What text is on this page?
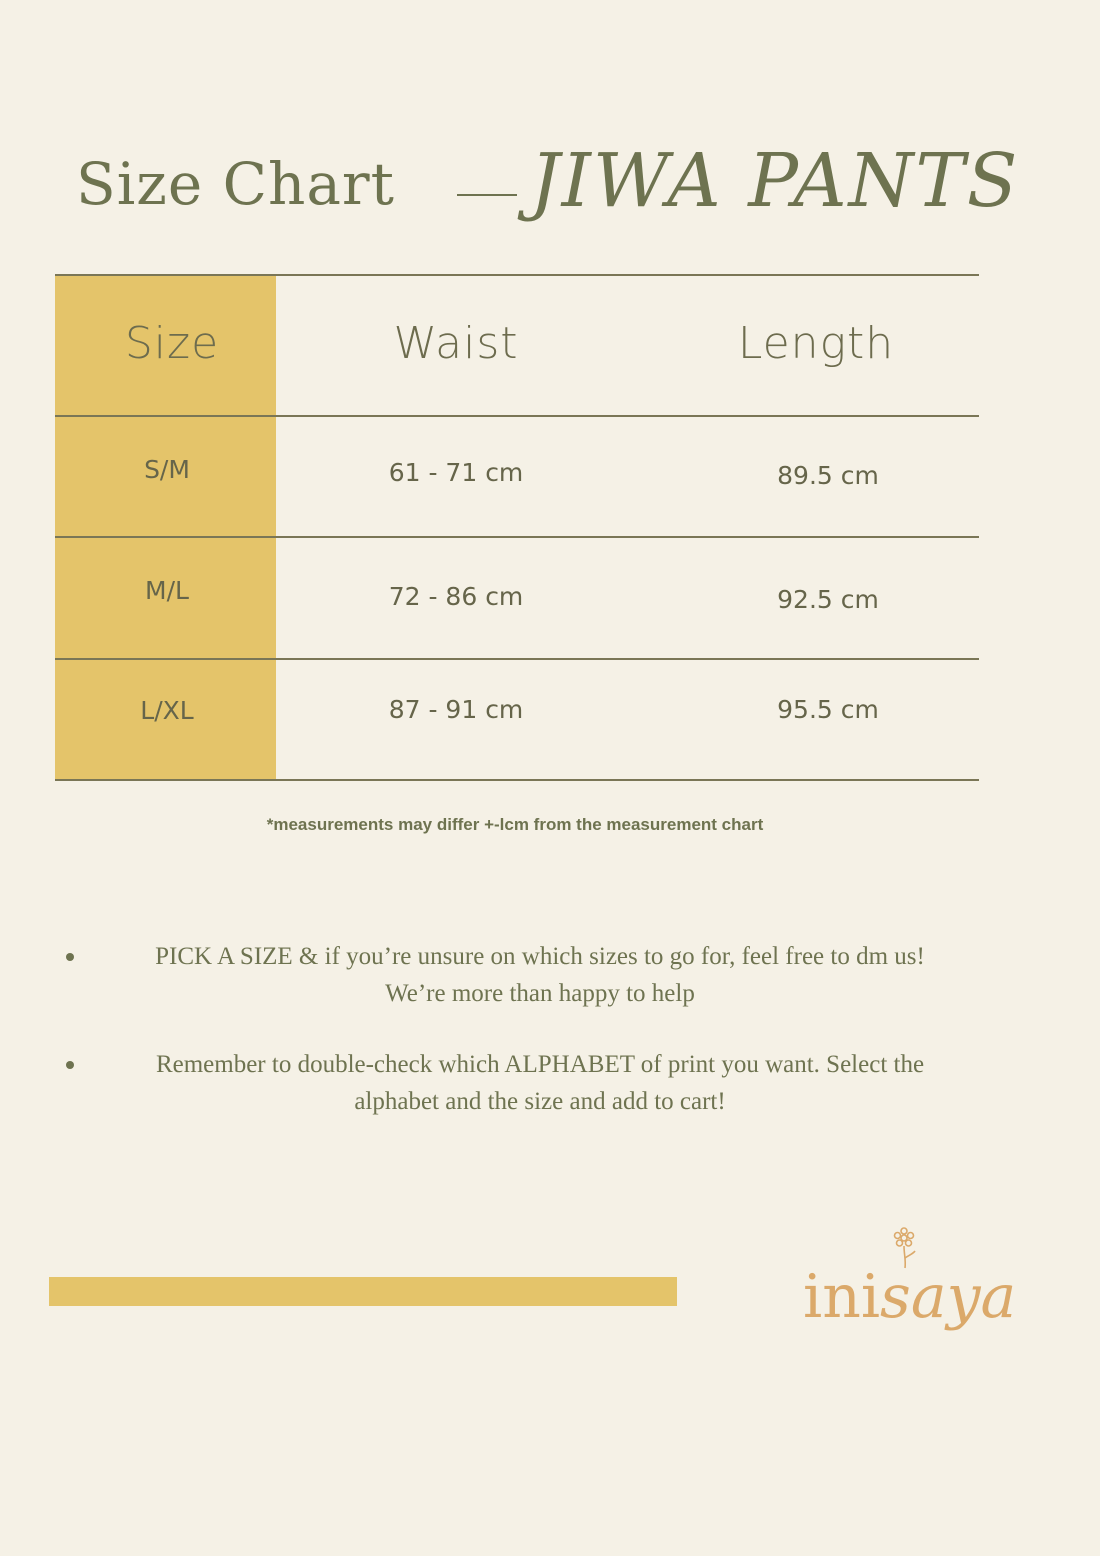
Size Chart JIWA PANTS
Size	Waist	Length
S/M	61 - 71 cm	89.5 cm
M/L	72 - 86 cm	92.5 cm
L/XL	87 - 91 cm	95.5 cm
*measurements may differ +-lcm from the measurement chart
PICK A SIZE & if you’re unsure on which sizes to go for, feel free to dm us!
We’re more than happy to help
Remember to double-check which ALPHABET of print you want. Select the
alphabet and the size and add to cart!
inisaya
